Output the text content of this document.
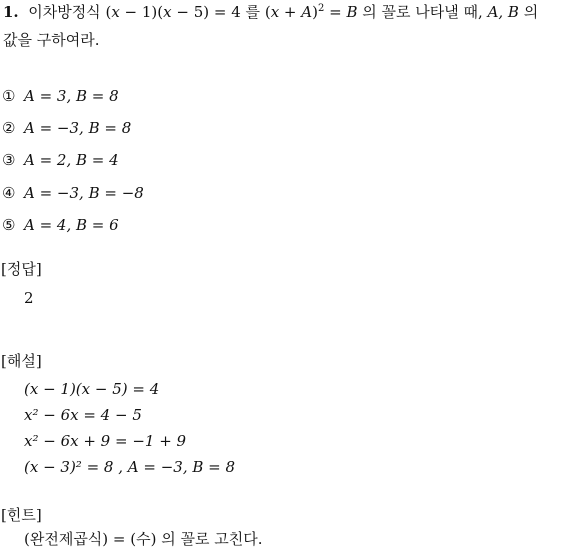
1. 이차방정식 (x − 1)(x − 5) = 4 를 $(x + A)^2 = B$ 의 꼴로 나타낼 때, A, B 의
값을 구하여라.
① A = 3, B = 8
② A = −3, B = 8
③ A = 2, B = 4
④ A = −3, B = −8
⑤ A = 4, B = 6
[정답]
2
[해설]
(x − 1)(x − 5) = 4
x² − 6x = 4 − 5
x² − 6x + 9 = −1 + 9
(x − 3)² = 8 , A = −3, B = 8
[힌트]
(완전제곱식) = (수) 의 꼴로 고친다.
